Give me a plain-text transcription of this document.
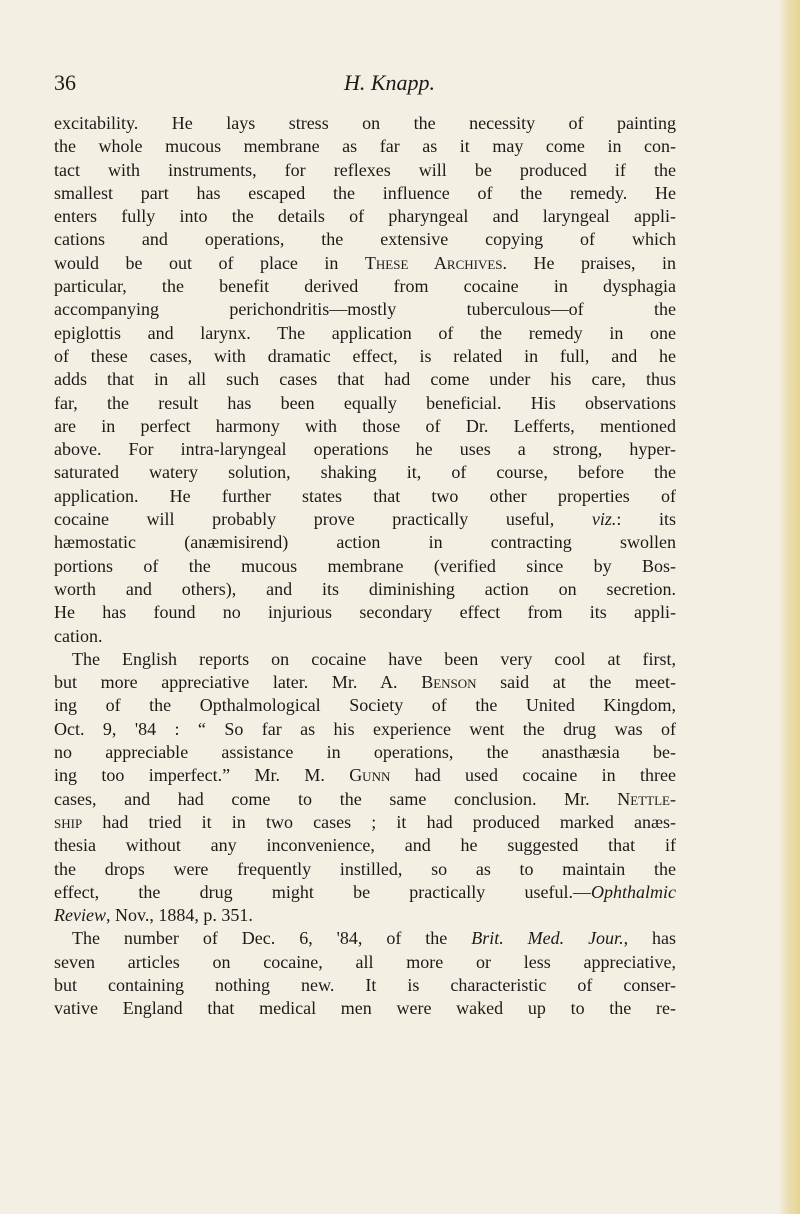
36	H. Knapp.
excitability. He lays stress on the necessity of painting
the whole mucous membrane as far as it may come in con-
tact with instruments, for reflexes will be produced if the
smallest part has escaped the influence of the remedy. He
enters fully into the details of pharyngeal and laryngeal appli-
cations and operations, the extensive copying of which
would be out of place in These Archives. He praises, in
particular, the benefit derived from cocaine in dysphagia
accompanying perichondritis—mostly tuberculous—of the
epiglottis and larynx. The application of the remedy in one
of these cases, with dramatic effect, is related in full, and he
adds that in all such cases that had come under his care, thus
far, the result has been equally beneficial. His observations
are in perfect harmony with those of Dr. Lefferts, mentioned
above. For intra-laryngeal operations he uses a strong, hyper-
saturated watery solution, shaking it, of course, before the
application. He further states that two other properties of
cocaine will probably prove practically useful, viz.: its
hæmostatic (anæmisirend) action in contracting swollen
portions of the mucous membrane (verified since by Bos-
worth and others), and its diminishing action on secretion.
He has found no injurious secondary effect from its appli-
cation.
The English reports on cocaine have been very cool at first,
but more appreciative later. Mr. A. Benson said at the meet-
ing of the Opthalmological Society of the United Kingdom,
Oct. 9, '84 : “ So far as his experience went the drug was of
no appreciable assistance in operations, the anasthæsia be-
ing too imperfect.” Mr. M. Gunn had used cocaine in three
cases, and had come to the same conclusion. Mr. Nettle-
ship had tried it in two cases ; it had produced marked anæs-
thesia without any inconvenience, and he suggested that if
the drops were frequently instilled, so as to maintain the
effect, the drug might be practically useful.—Ophthalmic
Review, Nov., 1884, p. 351.
The number of Dec. 6, '84, of the Brit. Med. Jour., has
seven articles on cocaine, all more or less appreciative,
but containing nothing new. It is characteristic of conser-
vative England that medical men were waked up to the re-
